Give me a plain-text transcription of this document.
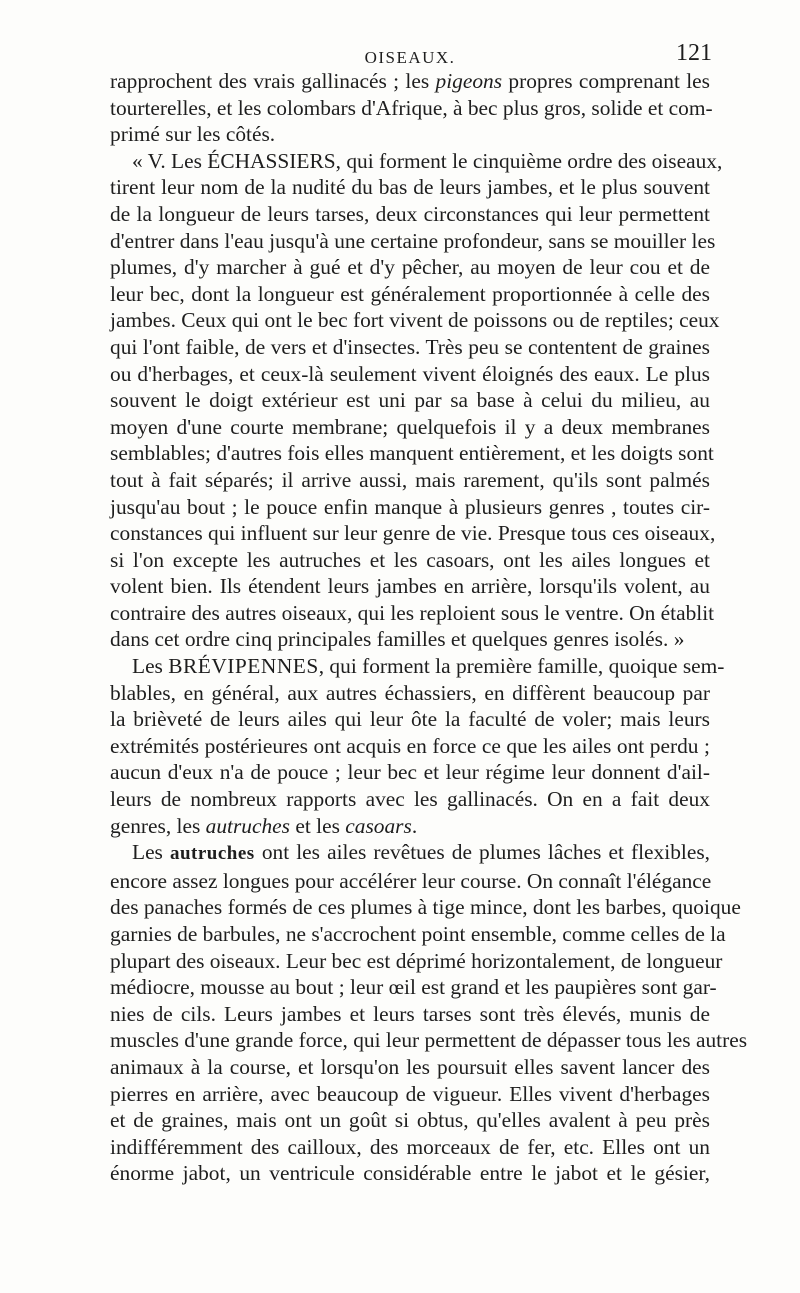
OISEAUX.	121
rapprochent des vrais gallinacés ; les pigeons propres comprenant les
tourterelles, et les colombars d'Afrique, à bec plus gros, solide et com-
primé sur les côtés.
« V. Les ÉCHASSIERS, qui forment le cinquième ordre des oiseaux,
tirent leur nom de la nudité du bas de leurs jambes, et le plus souvent
de la longueur de leurs tarses, deux circonstances qui leur permettent
d'entrer dans l'eau jusqu'à une certaine profondeur, sans se mouiller les
plumes, d'y marcher à gué et d'y pêcher, au moyen de leur cou et de
leur bec, dont la longueur est généralement proportionnée à celle des
jambes. Ceux qui ont le bec fort vivent de poissons ou de reptiles; ceux
qui l'ont faible, de vers et d'insectes. Très peu se contentent de graines
ou d'herbages, et ceux-là seulement vivent éloignés des eaux. Le plus
souvent le doigt extérieur est uni par sa base à celui du milieu, au
moyen d'une courte membrane; quelquefois il y a deux membranes
semblables; d'autres fois elles manquent entièrement, et les doigts sont
tout à fait séparés; il arrive aussi, mais rarement, qu'ils sont palmés
jusqu'au bout ; le pouce enfin manque à plusieurs genres , toutes cir-
constances qui influent sur leur genre de vie. Presque tous ces oiseaux,
si l'on excepte les autruches et les casoars, ont les ailes longues et
volent bien. Ils étendent leurs jambes en arrière, lorsqu'ils volent, au
contraire des autres oiseaux, qui les reploient sous le ventre. On établit
dans cet ordre cinq principales familles et quelques genres isolés. »
Les BRÉVIPENNES, qui forment la première famille, quoique sem-
blables, en général, aux autres échassiers, en diffèrent beaucoup par
la brièveté de leurs ailes qui leur ôte la faculté de voler; mais leurs
extrémités postérieures ont acquis en force ce que les ailes ont perdu ;
aucun d'eux n'a de pouce ; leur bec et leur régime leur donnent d'ail-
leurs de nombreux rapports avec les gallinacés. On en a fait deux
genres, les autruches et les casoars.
Les autruches ont les ailes revêtues de plumes lâches et flexibles,
encore assez longues pour accélérer leur course. On connaît l'élégance
des panaches formés de ces plumes à tige mince, dont les barbes, quoique
garnies de barbules, ne s'accrochent point ensemble, comme celles de la
plupart des oiseaux. Leur bec est déprimé horizontalement, de longueur
médiocre, mousse au bout ; leur œil est grand et les paupières sont gar-
nies de cils. Leurs jambes et leurs tarses sont très élevés, munis de
muscles d'une grande force, qui leur permettent de dépasser tous les autres
animaux à la course, et lorsqu'on les poursuit elles savent lancer des
pierres en arrière, avec beaucoup de vigueur. Elles vivent d'herbages
et de graines, mais ont un goût si obtus, qu'elles avalent à peu près
indifféremment des cailloux, des morceaux de fer, etc. Elles ont un
énorme jabot, un ventricule considérable entre le jabot et le gésier,
